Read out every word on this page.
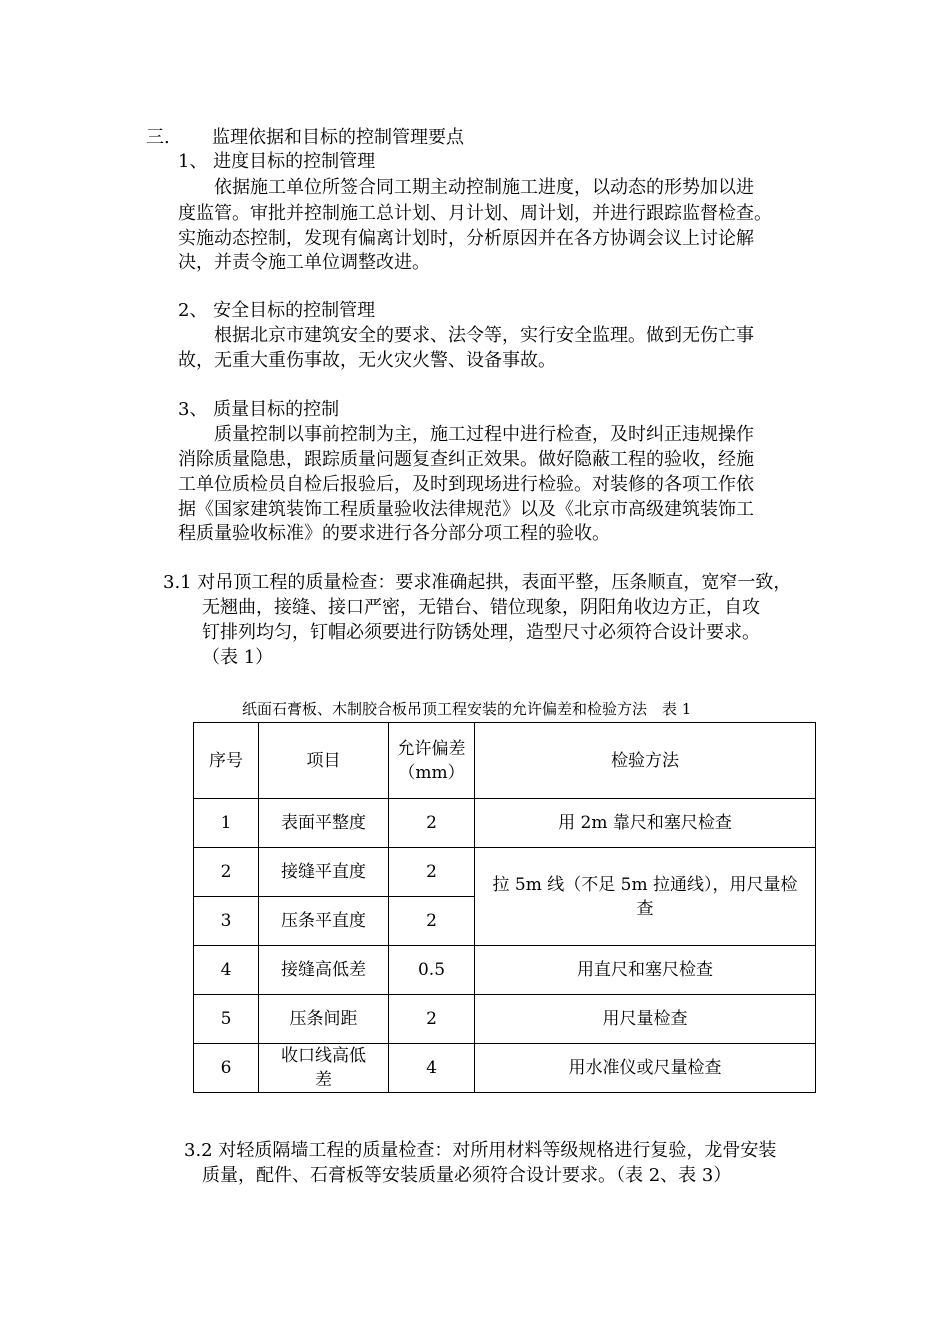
三. 监理依据和目标的控制管理要点
1、 进度目标的控制管理
依据施工单位所签合同工期主动控制施工进度，以动态的形势加以进
度监管。审批并控制施工总计划、月计划、周计划，并进行跟踪监督检查。
实施动态控制，发现有偏离计划时，分析原因并在各方协调会议上讨论解
决，并责令施工单位调整改进。
2、 安全目标的控制管理
根据北京市建筑安全的要求、法令等，实行安全监理。做到无伤亡事
故，无重大重伤事故，无火灾火警、设备事故。
3、 质量目标的控制
质量控制以事前控制为主，施工过程中进行检查，及时纠正违规操作
消除质量隐患，跟踪质量问题复查纠正效果。做好隐蔽工程的验收，经施
工单位质检员自检后报验后，及时到现场进行检验。对装修的各项工作依
据《国家建筑装饰工程质量验收法律规范》以及《北京市高级建筑装饰工
程质量验收标准》的要求进行各分部分项工程的验收。
3.1 对吊顶工程的质量检查：要求准确起拱，表面平整，压条顺直，宽窄一致，
无翘曲，接缝、接口严密，无错台、错位现象，阴阳角收边方正，自攻
钉排列均匀，钉帽必须要进行防锈处理，造型尺寸必须符合设计要求。
（表 1）
纸面石膏板、木制胶合板吊顶工程安装的允许偏差和检验方法　表 1
序号	项目	允许偏差（mm）	检验方法
1	表面平整度	2	用 2m 靠尺和塞尺检查
2	接缝平直度	2	拉 5m 线（不足 5m 拉通线），用尺量检查
3	压条平直度	2	
4	接缝高低差	0.5	用直尺和塞尺检查
5	压条间距	2	用尺量检查
6	收口线高低差	4	用水准仪或尺量检查
3.2 对轻质隔墙工程的质量检查：对所用材料等级规格进行复验，龙骨安装
质量，配件、石膏板等安装质量必须符合设计要求。（表 2、表 3）
